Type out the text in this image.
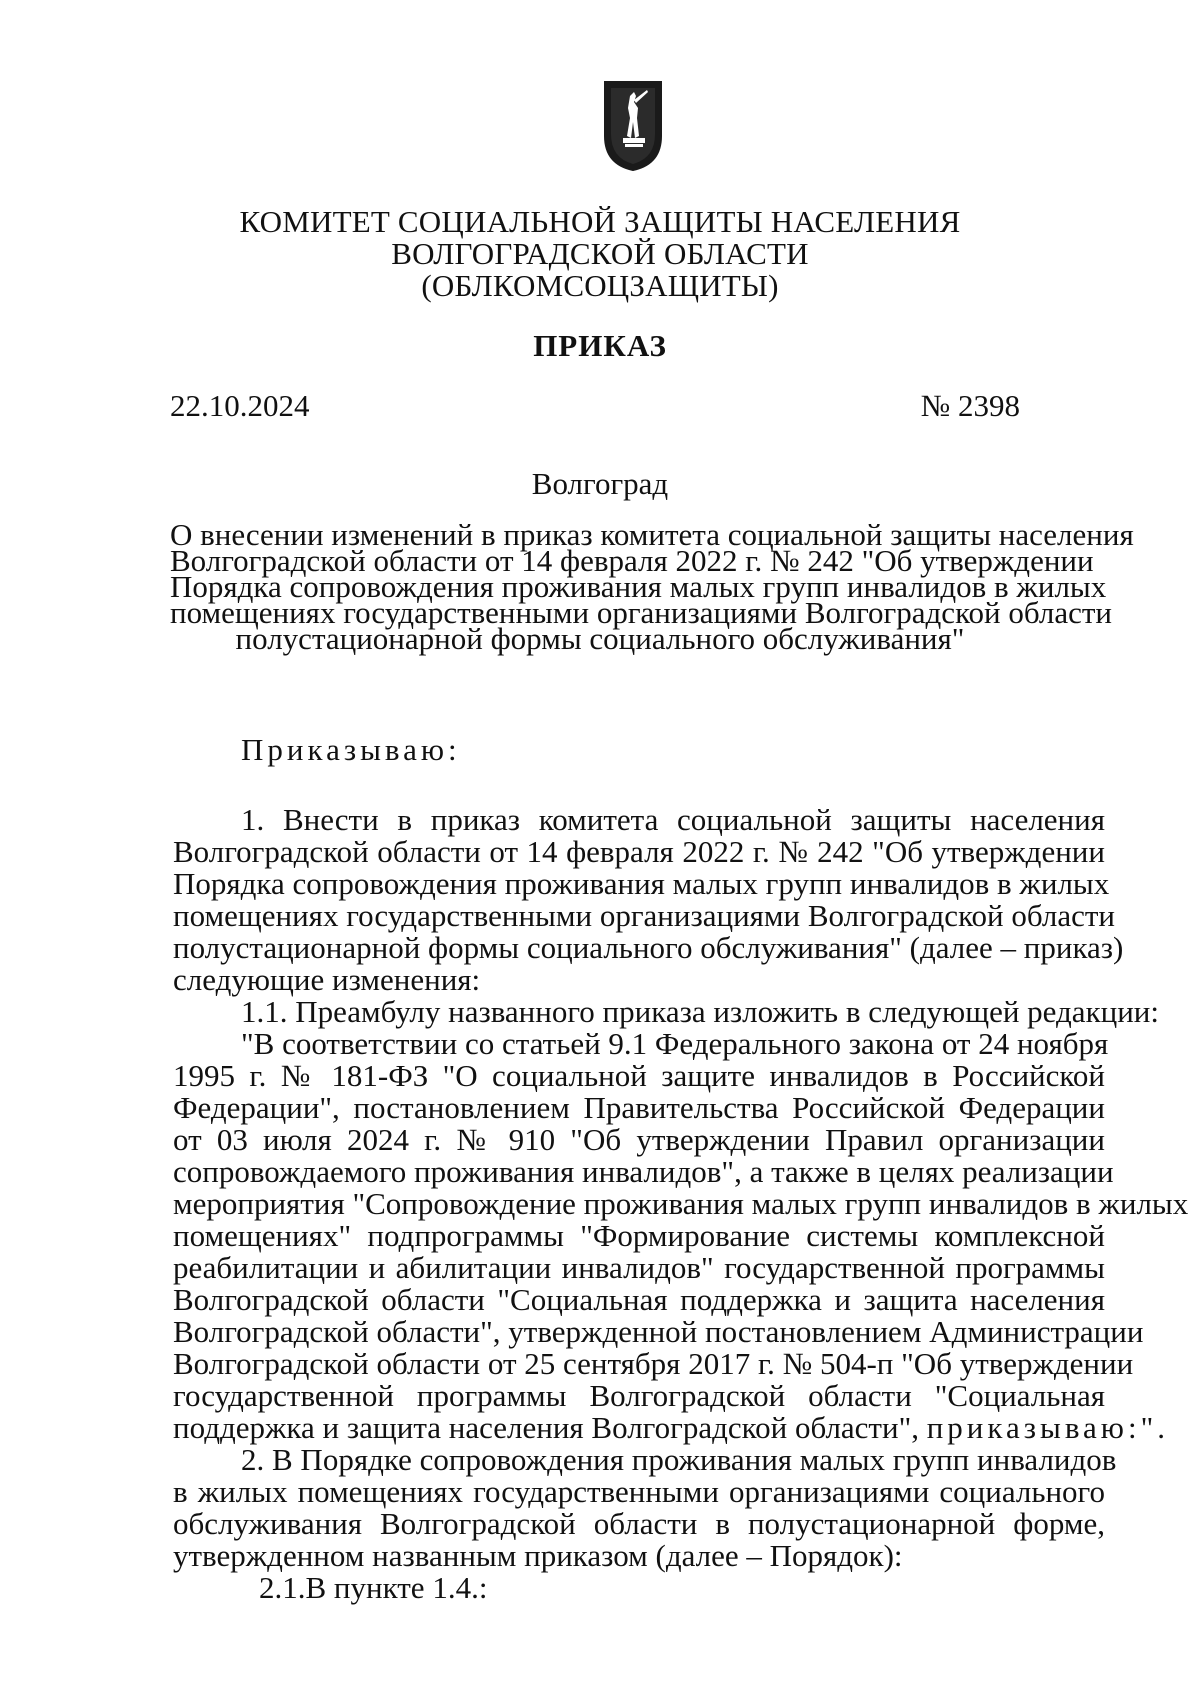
КОМИТЕТ СОЦИАЛЬНОЙ ЗАЩИТЫ НАСЕЛЕНИЯ
ВОЛГОГРАДСКОЙ ОБЛАСТИ
(ОБЛКОМСОЦЗАЩИТЫ)
ПРИКАЗ
22.10.2024	№ 2398
Волгоград
О внесении изменений в приказ комитета социальной защиты населения
Волгоградской области от 14 февраля 2022 г. № 242 "Об утверждении
Порядка сопровождения проживания малых групп инвалидов в жилых
помещениях государственными организациями Волгоградской области
полустационарной формы социального обслуживания"
Приказываю:
1. Внести в приказ комитета социальной защиты населения
Волгоградской области от 14 февраля 2022 г. № 242 "Об утверждении
Порядка сопровождения проживания малых групп инвалидов в жилых
помещениях государственными организациями Волгоградской области
полустационарной формы социального обслуживания" (далее – приказ)
следующие изменения:
1.1. Преамбулу названного приказа изложить в следующей редакции:
"В соответствии со статьей 9.1 Федерального закона от 24 ноября
1995 г. № 181-ФЗ "О социальной защите инвалидов в Российской
Федерации", постановлением Правительства Российской Федерации
от 03 июля 2024 г. № 910 "Об утверждении Правил организации
сопровождаемого проживания инвалидов", а также в целях реализации
мероприятия "Сопровождение проживания малых групп инвалидов в жилых
помещениях" подпрограммы "Формирование системы комплексной
реабилитации и абилитации инвалидов" государственной программы
Волгоградской области "Социальная поддержка и защита населения
Волгоградской области", утвержденной постановлением Администрации
Волгоградской области от 25 сентября 2017 г. № 504-п "Об утверждении
государственной программы Волгоградской области "Социальная
поддержка и защита населения Волгоградской области", приказываю:".
2. В Порядке сопровождения проживания малых групп инвалидов
в жилых помещениях государственными организациями социального
обслуживания Волгоградской области в полустационарной форме,
утвержденном названным приказом (далее – Порядок):
2.1.В пункте 1.4.:
